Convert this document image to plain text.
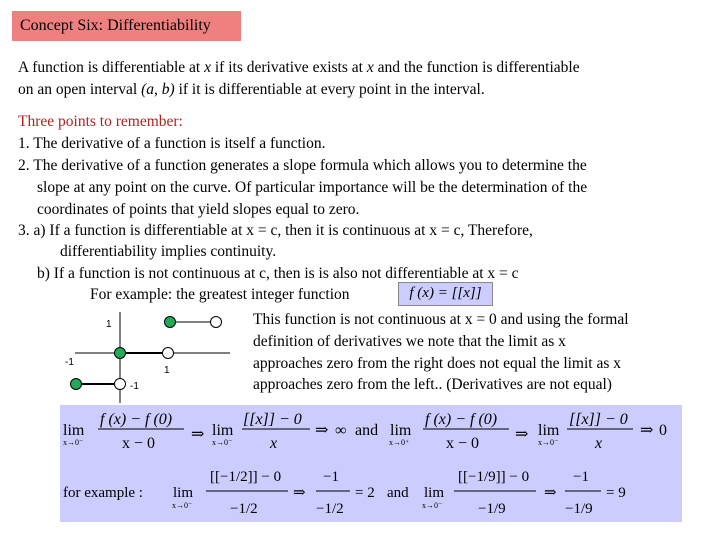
Concept Six: Differentiability
A function is differentiable at x if its derivative exists at x and the function is differentiable
on an open interval (a, b) if it is differentiable at every point in the interval.
Three points to remember:
1. The derivative of a function is itself a function.
2. The derivative of a function generates a slope formula which allows you to determine the
slope at any point on the curve. Of particular importance will be the determination of the
coordinates of points that yield slopes equal to zero.
3. a) If a function is differentiable at x = c, then it is continuous at x = c, Therefore,
differentiability implies continuity.
b) If a function is not continuous at c, then is is also not differentiable at x = c
For example: the greatest integer function	f (x) = [[x]]
1
-1
1
-1
This function is not continuous at x = 0 and using the formal
definition of derivatives we note that the limit as x
approaches zero from the right does not equal the limit as x
approaches zero from the left.. (Derivatives are not equal)
lim
x→0⁻
f (x) − f (0)
x − 0
⇒ lim
x→0⁻
[[x]] − 0
x
⇒ ∞ and lim
x→0⁺
f (x) − f (0)
x − 0
⇒ lim
x→0⁻
[[x]] − 0
x
⇒ 0
for example : lim
x→0⁻
[[−1/2]] − 0
−1/2
⇒
−1
−1/2
= 2 and lim
x→0⁻
[[−1/9]] − 0
−1/9
⇒
−1
−1/9
= 9
